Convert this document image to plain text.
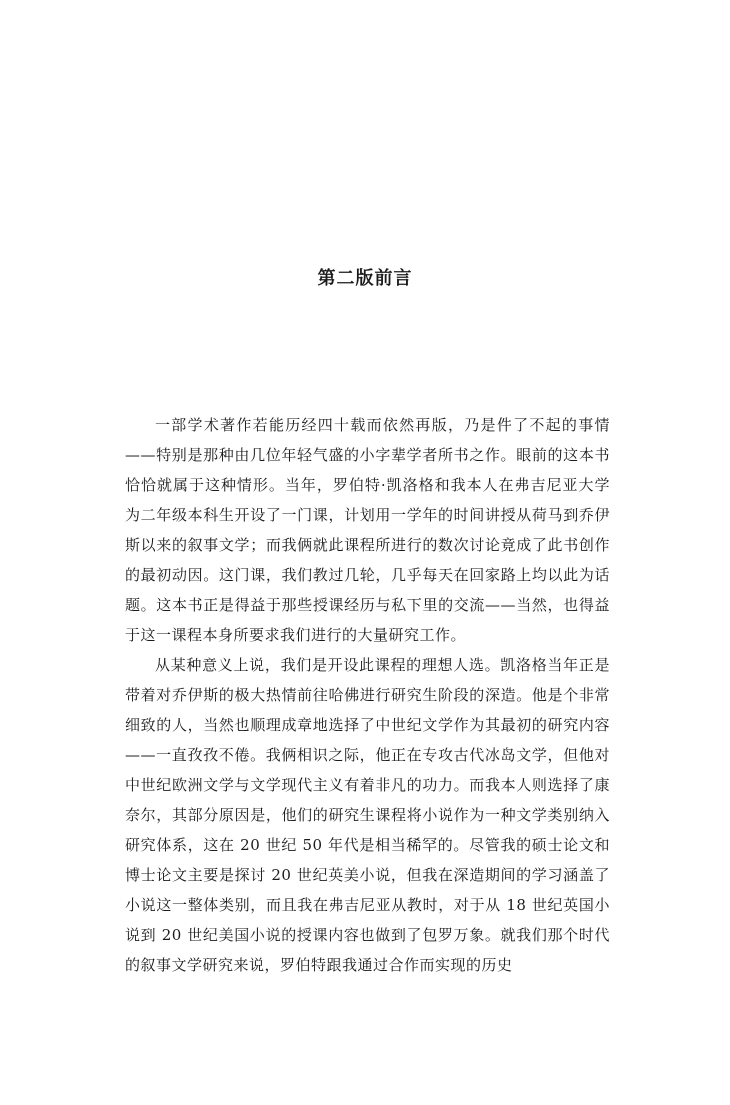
第二版前言

一部学术著作若能历经四十载而依然再版，乃是件了不起的事情——特别是那种由几位年轻气盛的小字辈学者所书之作。眼前的这本书恰恰就属于这种情形。当年，罗伯特·凯洛格和我本人在弗吉尼亚大学为二年级本科生开设了一门课，计划用一学年的时间讲授从荷马到乔伊斯以来的叙事文学；而我俩就此课程所进行的数次讨论竟成了此书创作的最初动因。这门课，我们教过几轮，几乎每天在回家路上均以此为话题。这本书正是得益于那些授课经历与私下里的交流——当然，也得益于这一课程本身所要求我们进行的大量研究工作。

从某种意义上说，我们是开设此课程的理想人选。凯洛格当年正是带着对乔伊斯的极大热情前往哈佛进行研究生阶段的深造。他是个非常细致的人，当然也顺理成章地选择了中世纪文学作为其最初的研究内容——一直孜孜不倦。我俩相识之际，他正在专攻古代冰岛文学，但他对中世纪欧洲文学与文学现代主义有着非凡的功力。而我本人则选择了康奈尔，其部分原因是，他们的研究生课程将小说作为一种文学类别纳入研究体系，这在 20 世纪 50 年代是相当稀罕的。尽管我的硕士论文和博士论文主要是探讨 20 世纪英美小说，但我在深造期间的学习涵盖了小说这一整体类别，而且我在弗吉尼亚从教时，对于从 18 世纪英国小说到 20 世纪美国小说的授课内容也做到了包罗万象。就我们那个时代的叙事文学研究来说，罗伯特跟我通过合作而实现的历史
